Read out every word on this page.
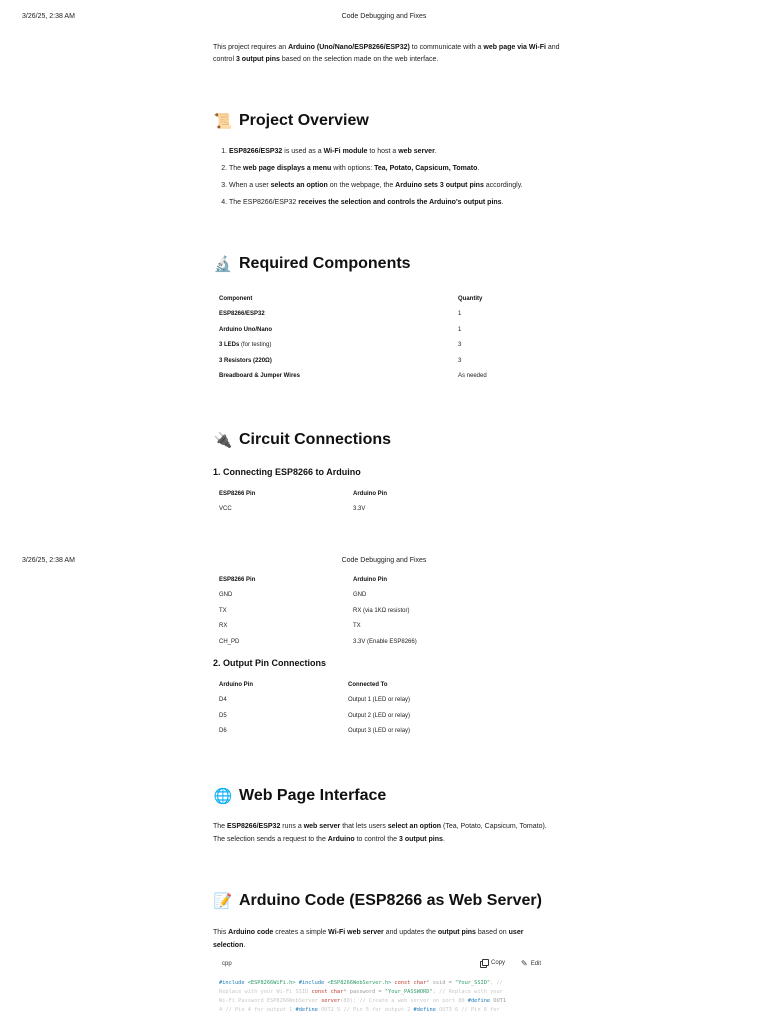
3/26/25, 2:38 AM	Code Debugging and Fixes

This project requires an Arduino (Uno/Nano/ESP8266/ESP32) to communicate with a web page via Wi-Fi and control 3 output pins based on the selection made on the web interface.

📜 Project Overview
1. ESP8266/ESP32 is used as a Wi-Fi module to host a web server.
2. The web page displays a menu with options: Tea, Potato, Capsicum, Tomato.
3. When a user selects an option on the webpage, the Arduino sets 3 output pins accordingly.
4. The ESP8266/ESP32 receives the selection and controls the Arduino's output pins.
🔬 Required Components
Component	Quantity
ESP8266/ESP32	1
Arduino Uno/Nano	1
3 LEDs (for testing)	3
3 Resistors (220Ω)	3
Breadboard & Jumper Wires	As needed
🔌 Circuit Connections
1. Connecting ESP8266 to Arduino
ESP8266 Pin	Arduino Pin
VCC	3.3V
3/26/25, 2:38 AM	Code Debugging and Fixes
ESP8266 Pin	Arduino Pin
GND	GND
TX	RX (via 1KΩ resistor)
RX	TX
CH_PD	3.3V (Enable ESP8266)
2. Output Pin Connections
Arduino Pin	Connected To
D4	Output 1 (LED or relay)
D5	Output 2 (LED or relay)
D6	Output 3 (LED or relay)
🌐 Web Page Interface

The ESP8266/ESP32 runs a web server that lets users select an option (Tea, Potato, Capsicum, Tomato).
The selection sends a request to the Arduino to control the 3 output pins.

📝 Arduino Code (ESP8266 as Web Server)

This Arduino code creates a simple Wi-Fi web server and updates the output pins based on user selection.

cpp	Copy ✎ Edit
#include <ESP8266WiFi.h> #include <ESP8266WebServer.h> const char* ssid = "Your_SSID"; //
Replace with your Wi-Fi SSID const char* password = "Your_PASSWORD"; // Replace with your
Wi-Fi Password ESP8266WebServer server(80); // Create a web server on port 80 #define OUT1
4 // Pin 4 for output 1 #define OUT2 5 // Pin 5 for output 2 #define OUT3 6 // Pin 6 for
